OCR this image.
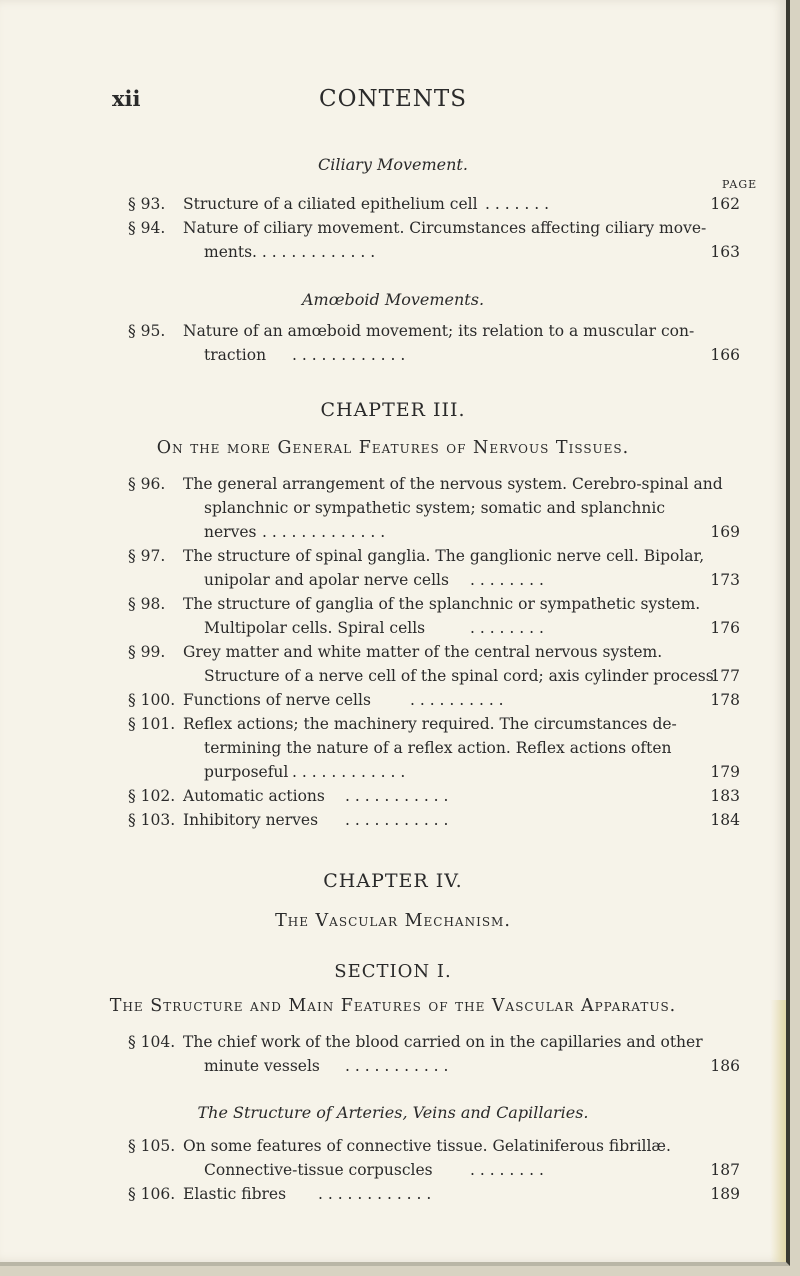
xii	CONTENTS
Ciliary Movement.
PAGE
§ 93. Structure of a ciliated epithelium cell . . . . . . .	162
§ 94. Nature of ciliary movement. Circumstances affecting ciliary move-
ments . . . . . . . . . . . . .	163
Amœboid Movements.
§ 95. Nature of an amœboid movement; its relation to a muscular con-
traction . . . . . . . . . . . .	166
CHAPTER III.
On the more General Features of Nervous Tissues.
§ 96. The general arrangement of the nervous system. Cerebro-spinal and
splanchnic or sympathetic system; somatic and splanchnic
nerves . . . . . . . . . . . . .	169
§ 97. The structure of spinal ganglia. The ganglionic nerve cell. Bipolar,
unipolar and apolar nerve cells . . . . . . . .	173
§ 98. The structure of ganglia of the splanchnic or sympathetic system.
Multipolar cells. Spiral cells	. . . . . . . .	176
§ 99. Grey matter and white matter of the central nervous system.
Structure of a nerve cell of the spinal cord; axis cylinder process
177
§ 100. Functions of nerve cells	. . . . . . . . . .	178
§ 101. Reflex actions; the machinery required. The circumstances de-
termining the nature of a reflex action. Reflex actions often
purposeful . . . . . . . . . . . .	179
§ 102. Automatic actions . . . . . . . . . . .	183
§ 103. Inhibitory nerves . . . . . . . . . . .	184
CHAPTER IV.
The Vascular Mechanism.
SECTION I.
The Structure and Main Features of the Vascular Apparatus.
§ 104. The chief work of the blood carried on in the capillaries and other
minute vessels . . . . . . . . . . .	186
The Structure of Arteries, Veins and Capillaries.
§ 105. On some features of connective tissue. Gelatiniferous fibrillæ.
Connective-tissue corpuscles . . . . . . . .	187
§ 106. Elastic fibres . . . . . . . . . . . .	189
